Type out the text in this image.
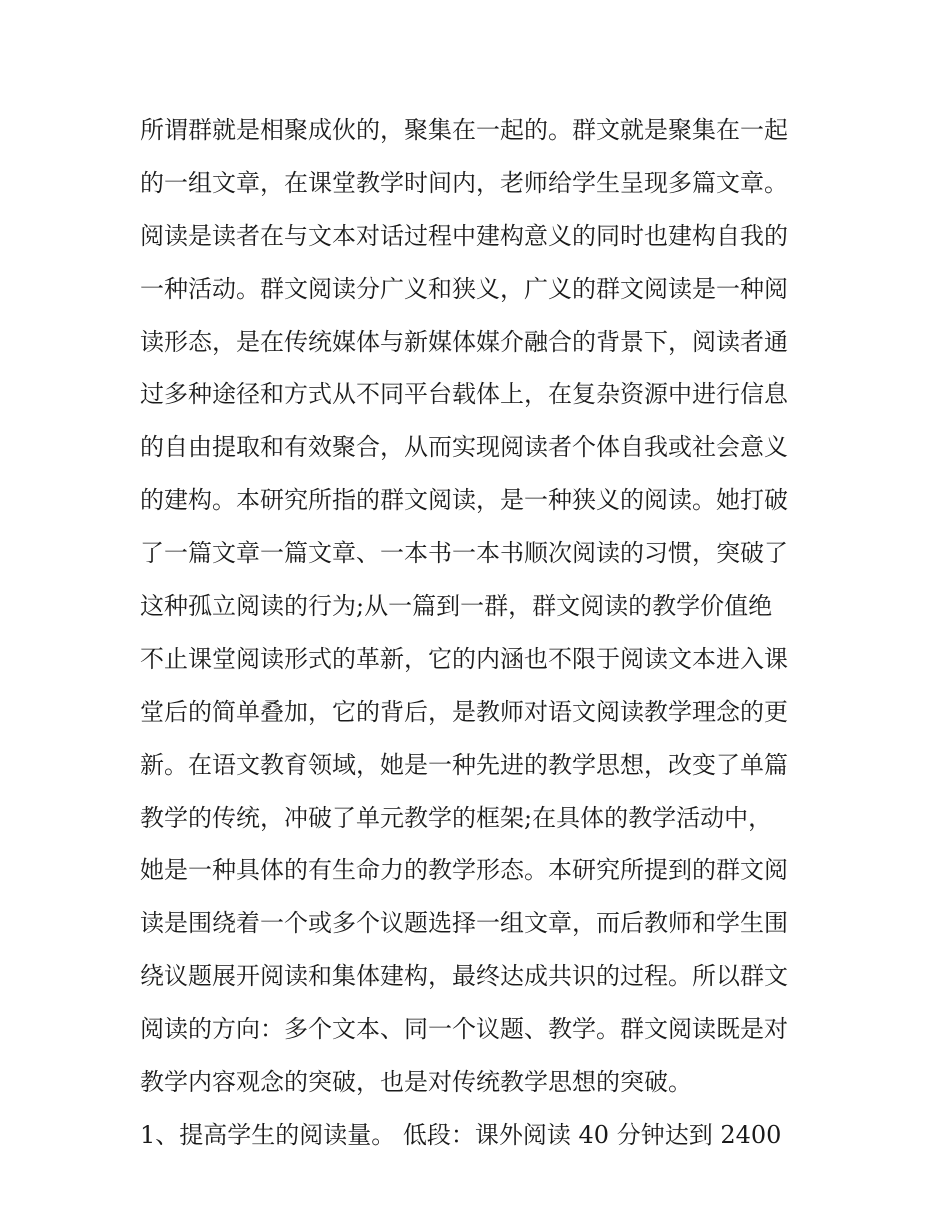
所谓群就是相聚成伙的，聚集在一起的。群文就是聚集在一起
的一组文章，在课堂教学时间内，老师给学生呈现多篇文章。
阅读是读者在与文本对话过程中建构意义的同时也建构自我的
一种活动。群文阅读分广义和狭义，广义的群文阅读是一种阅
读形态，是在传统媒体与新媒体媒介融合的背景下，阅读者通
过多种途径和方式从不同平台载体上，在复杂资源中进行信息
的自由提取和有效聚合，从而实现阅读者个体自我或社会意义
的建构。本研究所指的群文阅读，是一种狭义的阅读。她打破
了一篇文章一篇文章、一本书一本书顺次阅读的习惯，突破了
这种孤立阅读的行为;从一篇到一群，群文阅读的教学价值绝
不止课堂阅读形式的革新，它的内涵也不限于阅读文本进入课
堂后的简单叠加，它的背后，是教师对语文阅读教学理念的更
新。在语文教育领域，她是一种先进的教学思想，改变了单篇
教学的传统，冲破了单元教学的框架;在具体的教学活动中，
她是一种具体的有生命力的教学形态。本研究所提到的群文阅
读是围绕着一个或多个议题选择一组文章，而后教师和学生围
绕议题展开阅读和集体建构，最终达成共识的过程。所以群文
阅读的方向：多个文本、同一个议题、教学。群文阅读既是对
教学内容观念的突破，也是对传统教学思想的突破。
1、提高学生的阅读量。 低段：课外阅读 40 分钟达到 2400
